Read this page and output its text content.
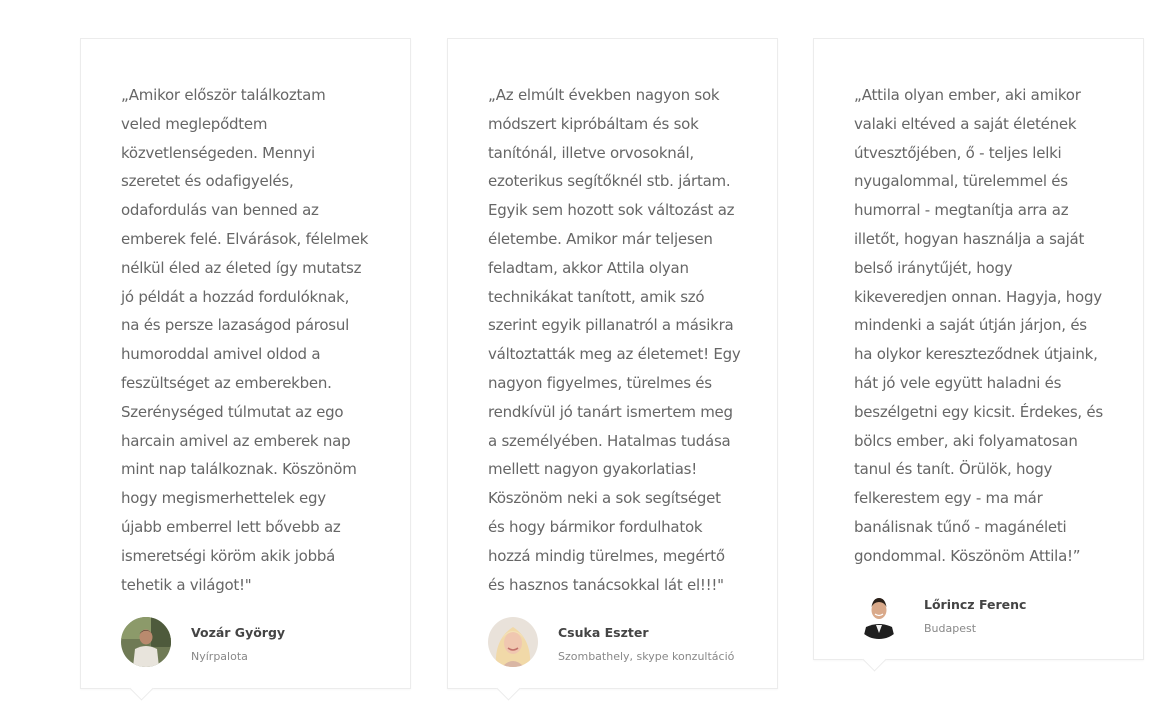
„Amikor először találkoztam
veled meglepődtem
közvetlenségeden. Mennyi
szeretet és odafigyelés,
odafordulás van benned az
emberek felé. Elvárások, félelmek
nélkül éled az életed így mutatsz
jó példát a hozzád fordulóknak,
na és persze lazaságod párosul
humoroddal amivel oldod a
feszültséget az emberekben.
Szerénységed túlmutat az ego
harcain amivel az emberek nap
mint nap találkoznak. Köszönöm
hogy megismerhettelek egy
újabb emberrel lett bővebb az
ismeretségi köröm akik jobbá
tehetik a világot!"

Vozár György
Nyírpalota

„Az elmúlt években nagyon sok
módszert kipróbáltam és sok
tanítónál, illetve orvosoknál,
ezoterikus segítőknél stb. jártam.
Egyik sem hozott sok változást az
életembe. Amikor már teljesen
feladtam, akkor Attila olyan
technikákat tanított, amik szó
szerint egyik pillanatról a másikra
változtatták meg az életemet! Egy
nagyon figyelmes, türelmes és
rendkívül jó tanárt ismertem meg
a személyében. Hatalmas tudása
mellett nagyon gyakorlatias!
Köszönöm neki a sok segítséget
és hogy bármikor fordulhatok
hozzá mindig türelmes, megértő
és hasznos tanácsokkal lát el!!!"

Csuka Eszter
Szombathely, skype konzultáció

„Attila olyan ember, aki amikor
valaki eltéved a saját életének
útvesztőjében, ő - teljes lelki
nyugalommal, türelemmel és
humorral - megtanítja arra az
illetőt, hogyan használja a saját
belső iránytűjét, hogy
kikeveredjen onnan. Hagyja, hogy
mindenki a saját útján járjon, és
ha olykor kereszteződnek útjaink,
hát jó vele együtt haladni és
beszélgetni egy kicsit. Érdekes, és
bölcs ember, aki folyamatosan
tanul és tanít. Örülök, hogy
felkerestem egy - ma már
banálisnak tűnő - magánéleti
gondommal. Köszönöm Attila!”

Lőrincz Ferenc
Budapest
